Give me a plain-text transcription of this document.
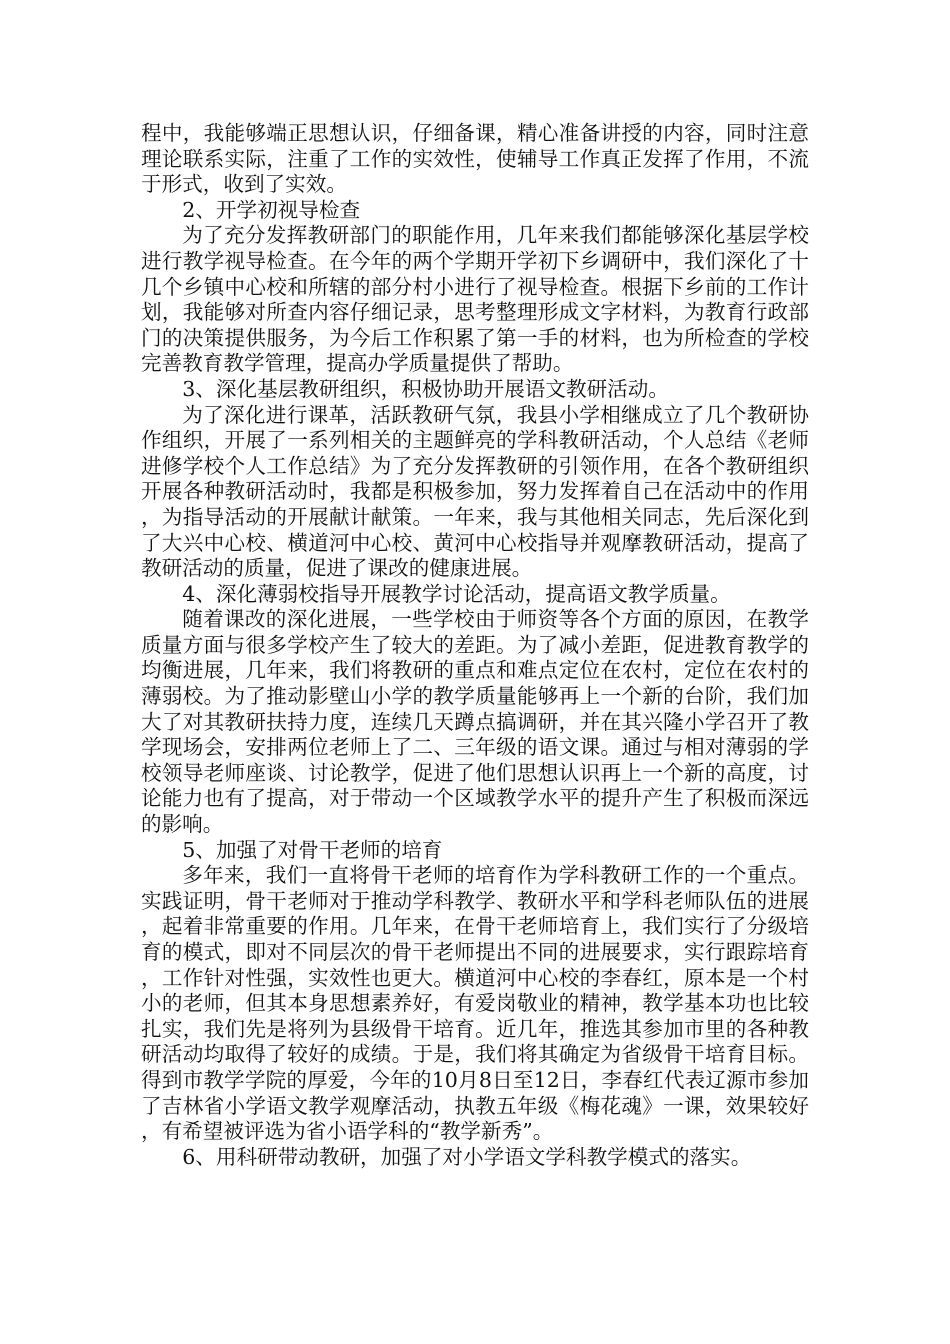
程中，我能够端正思想认识，仔细备课，精心准备讲授的内容，同时注意理论联系实际，注重了工作的实效性，使辅导工作真正发挥了作用，不流于形式，收到了实效。

2、开学初视导检查

为了充分发挥教研部门的职能作用，几年来我们都能够深化基层学校进行教学视导检查。在今年的两个学期开学初下乡调研中，我们深化了十几个乡镇中心校和所辖的部分村小进行了视导检查。根据下乡前的工作计划，我能够对所查内容仔细记录，思考整理形成文字材料，为教育行政部门的决策提供服务，为今后工作积累了第一手的材料，也为所检查的学校完善教育教学管理，提高办学质量提供了帮助。

3、深化基层教研组织，积极协助开展语文教研活动。

为了深化进行课革，活跃教研气氛，我县小学相继成立了几个教研协作组织，开展了一系列相关的主题鲜亮的学科教研活动，个人总结《老师进修学校个人工作总结》为了充分发挥教研的引领作用，在各个教研组织开展各种教研活动时，我都是积极参加，努力发挥着自己在活动中的作用，为指导活动的开展献计献策。一年来，我与其他相关同志，先后深化到了大兴中心校、横道河中心校、黄河中心校指导并观摩教研活动，提高了教研活动的质量，促进了课改的健康进展。

4、深化薄弱校指导开展教学讨论活动，提高语文教学质量。

随着课改的深化进展，一些学校由于师资等各个方面的原因，在教学质量方面与很多学校产生了较大的差距。为了减小差距，促进教育教学的均衡进展，几年来，我们将教研的重点和难点定位在农村，定位在农村的薄弱校。为了推动影壁山小学的教学质量能够再上一个新的台阶，我们加大了对其教研扶持力度，连续几天蹲点搞调研，并在其兴隆小学召开了教学现场会，安排两位老师上了二、三年级的语文课。通过与相对薄弱的学校领导老师座谈、讨论教学，促进了他们思想认识再上一个新的高度，讨论能力也有了提高，对于带动一个区域教学水平的提升产生了积极而深远的影响。

5、加强了对骨干老师的培育

多年来，我们一直将骨干老师的培育作为学科教研工作的一个重点。实践证明，骨干老师对于推动学科教学、教研水平和学科老师队伍的进展，起着非常重要的作用。几年来，在骨干老师培育上，我们实行了分级培育的模式，即对不同层次的骨干老师提出不同的进展要求，实行跟踪培育，工作针对性强，实效性也更大。横道河中心校的李春红，原本是一个村小的老师，但其本身思想素养好，有爱岗敬业的精神，教学基本功也比较扎实，我们先是将列为县级骨干培育。近几年，推选其参加市里的各种教研活动均取得了较好的成绩。于是，我们将其确定为省级骨干培育目标。得到市教学学院的厚爱，今年的10月8日至12日，李春红代表辽源市参加了吉林省小学语文教学观摩活动，执教五年级《梅花魂》一课，效果较好，有希望被评选为省小语学科的“教学新秀”。

6、用科研带动教研，加强了对小学语文学科教学模式的落实。
